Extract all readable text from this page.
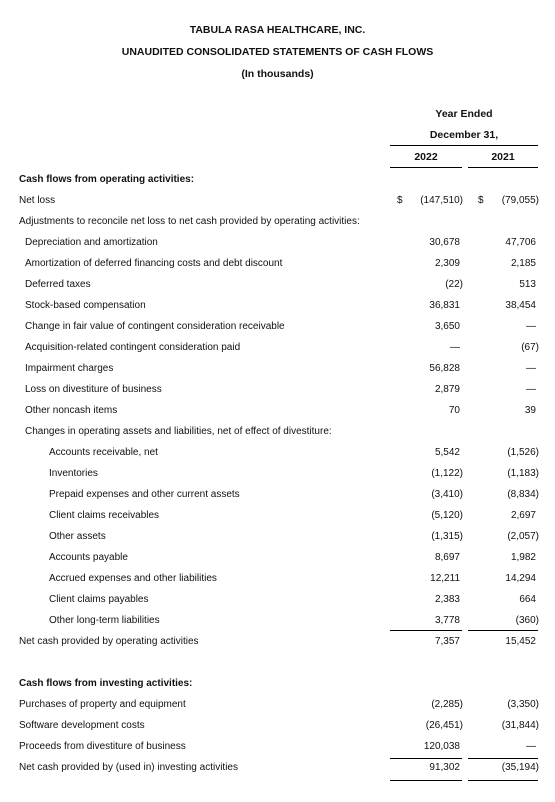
TABULA RASA HEALTHCARE, INC.
UNAUDITED CONSOLIDATED STATEMENTS OF CASH FLOWS
(In thousands)
Year Ended
December 31,
2022	2021
Cash flows from operating activities:
Net loss	$ (147,510) $ (79,055)
Adjustments to reconcile net loss to net cash provided by operating activities:
Depreciation and amortization	30,678	47,706
Amortization of deferred financing costs and debt discount	2,309	2,185
Deferred taxes	(22)	513
Stock-based compensation	36,831	38,454
Change in fair value of contingent consideration receivable	3,650	—
Acquisition-related contingent consideration paid	—	(67)
Impairment charges	56,828	—
Loss on divestiture of business	2,879	—
Other noncash items	70	39
Changes in operating assets and liabilities, net of effect of divestiture:
Accounts receivable, net	5,542	(1,526)
Inventories	(1,122)	(1,183)
Prepaid expenses and other current assets	(3,410)	(8,834)
Client claims receivables	(5,120)	2,697
Other assets	(1,315)	(2,057)
Accounts payable	8,697	1,982
Accrued expenses and other liabilities	12,211	14,294
Client claims payables	2,383	664
Other long-term liabilities	3,778	(360)
Net cash provided by operating activities	7,357	15,452
Cash flows from investing activities:
Purchases of property and equipment	(2,285)	(3,350)
Software development costs	(26,451)	(31,844)
Proceeds from divestiture of business	120,038	—
Net cash provided by (used in) investing activities	91,302	(35,194)
